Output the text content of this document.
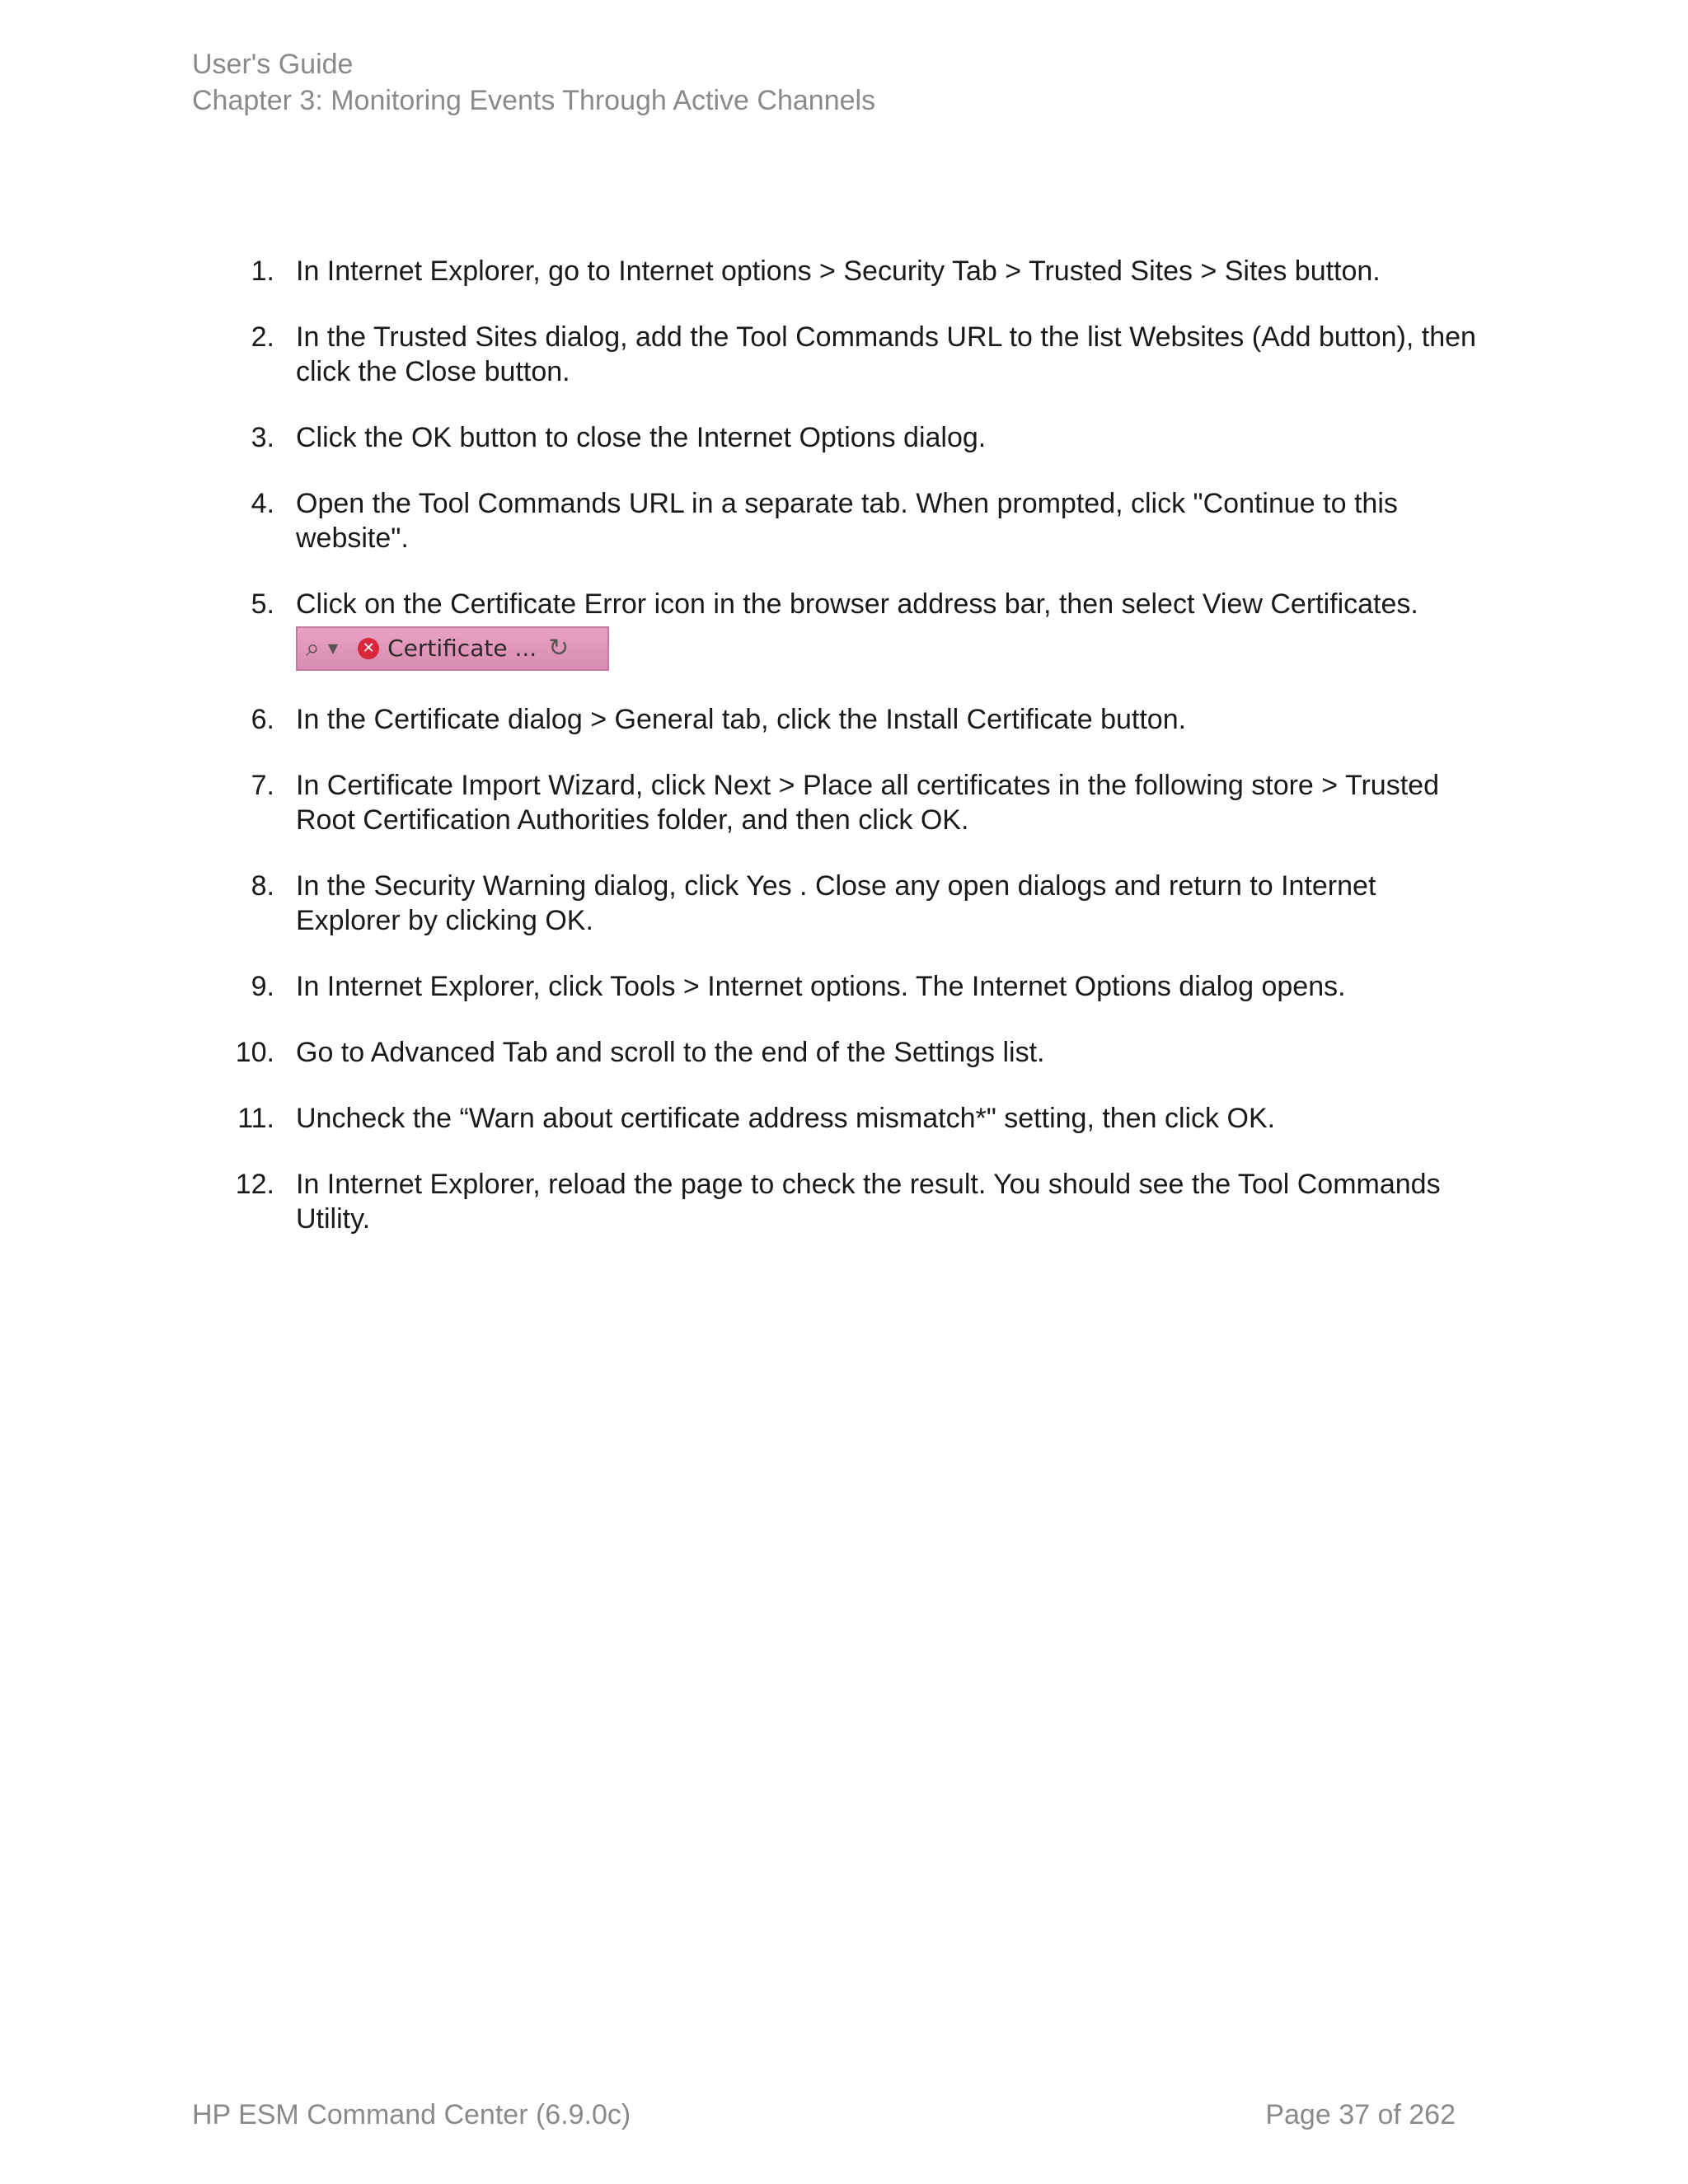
User's Guide
Chapter 3: Monitoring Events Through Active Channels
1. In Internet Explorer, go to Internet options > Security Tab > Trusted Sites > Sites button.
2. In the Trusted Sites dialog, add the Tool Commands URL to the list Websites (Add button), then click the Close button.
3. Click the OK button to close the Internet Options dialog.
4. Open the Tool Commands URL in a separate tab. When prompted, click "Continue to this website".
5. Click on the Certificate Error icon in the browser address bar, then select View Certificates.
⌕ ▼	✕ Certificate ... ↻
6. In the Certificate dialog > General tab, click the Install Certificate button.
7. In Certificate Import Wizard, click Next > Place all certificates in the following store > Trusted Root Certification Authorities folder, and then click OK.
8. In the Security Warning dialog, click Yes . Close any open dialogs and return to Internet Explorer by clicking OK.
9. In Internet Explorer, click Tools > Internet options. The Internet Options dialog opens.
10. Go to Advanced Tab and scroll to the end of the Settings list.
11. Uncheck the “Warn about certificate address mismatch*" setting, then click OK.
12. In Internet Explorer, reload the page to check the result. You should see the Tool Commands Utility.
HP ESM Command Center (6.9.0c)	Page 37 of 262
